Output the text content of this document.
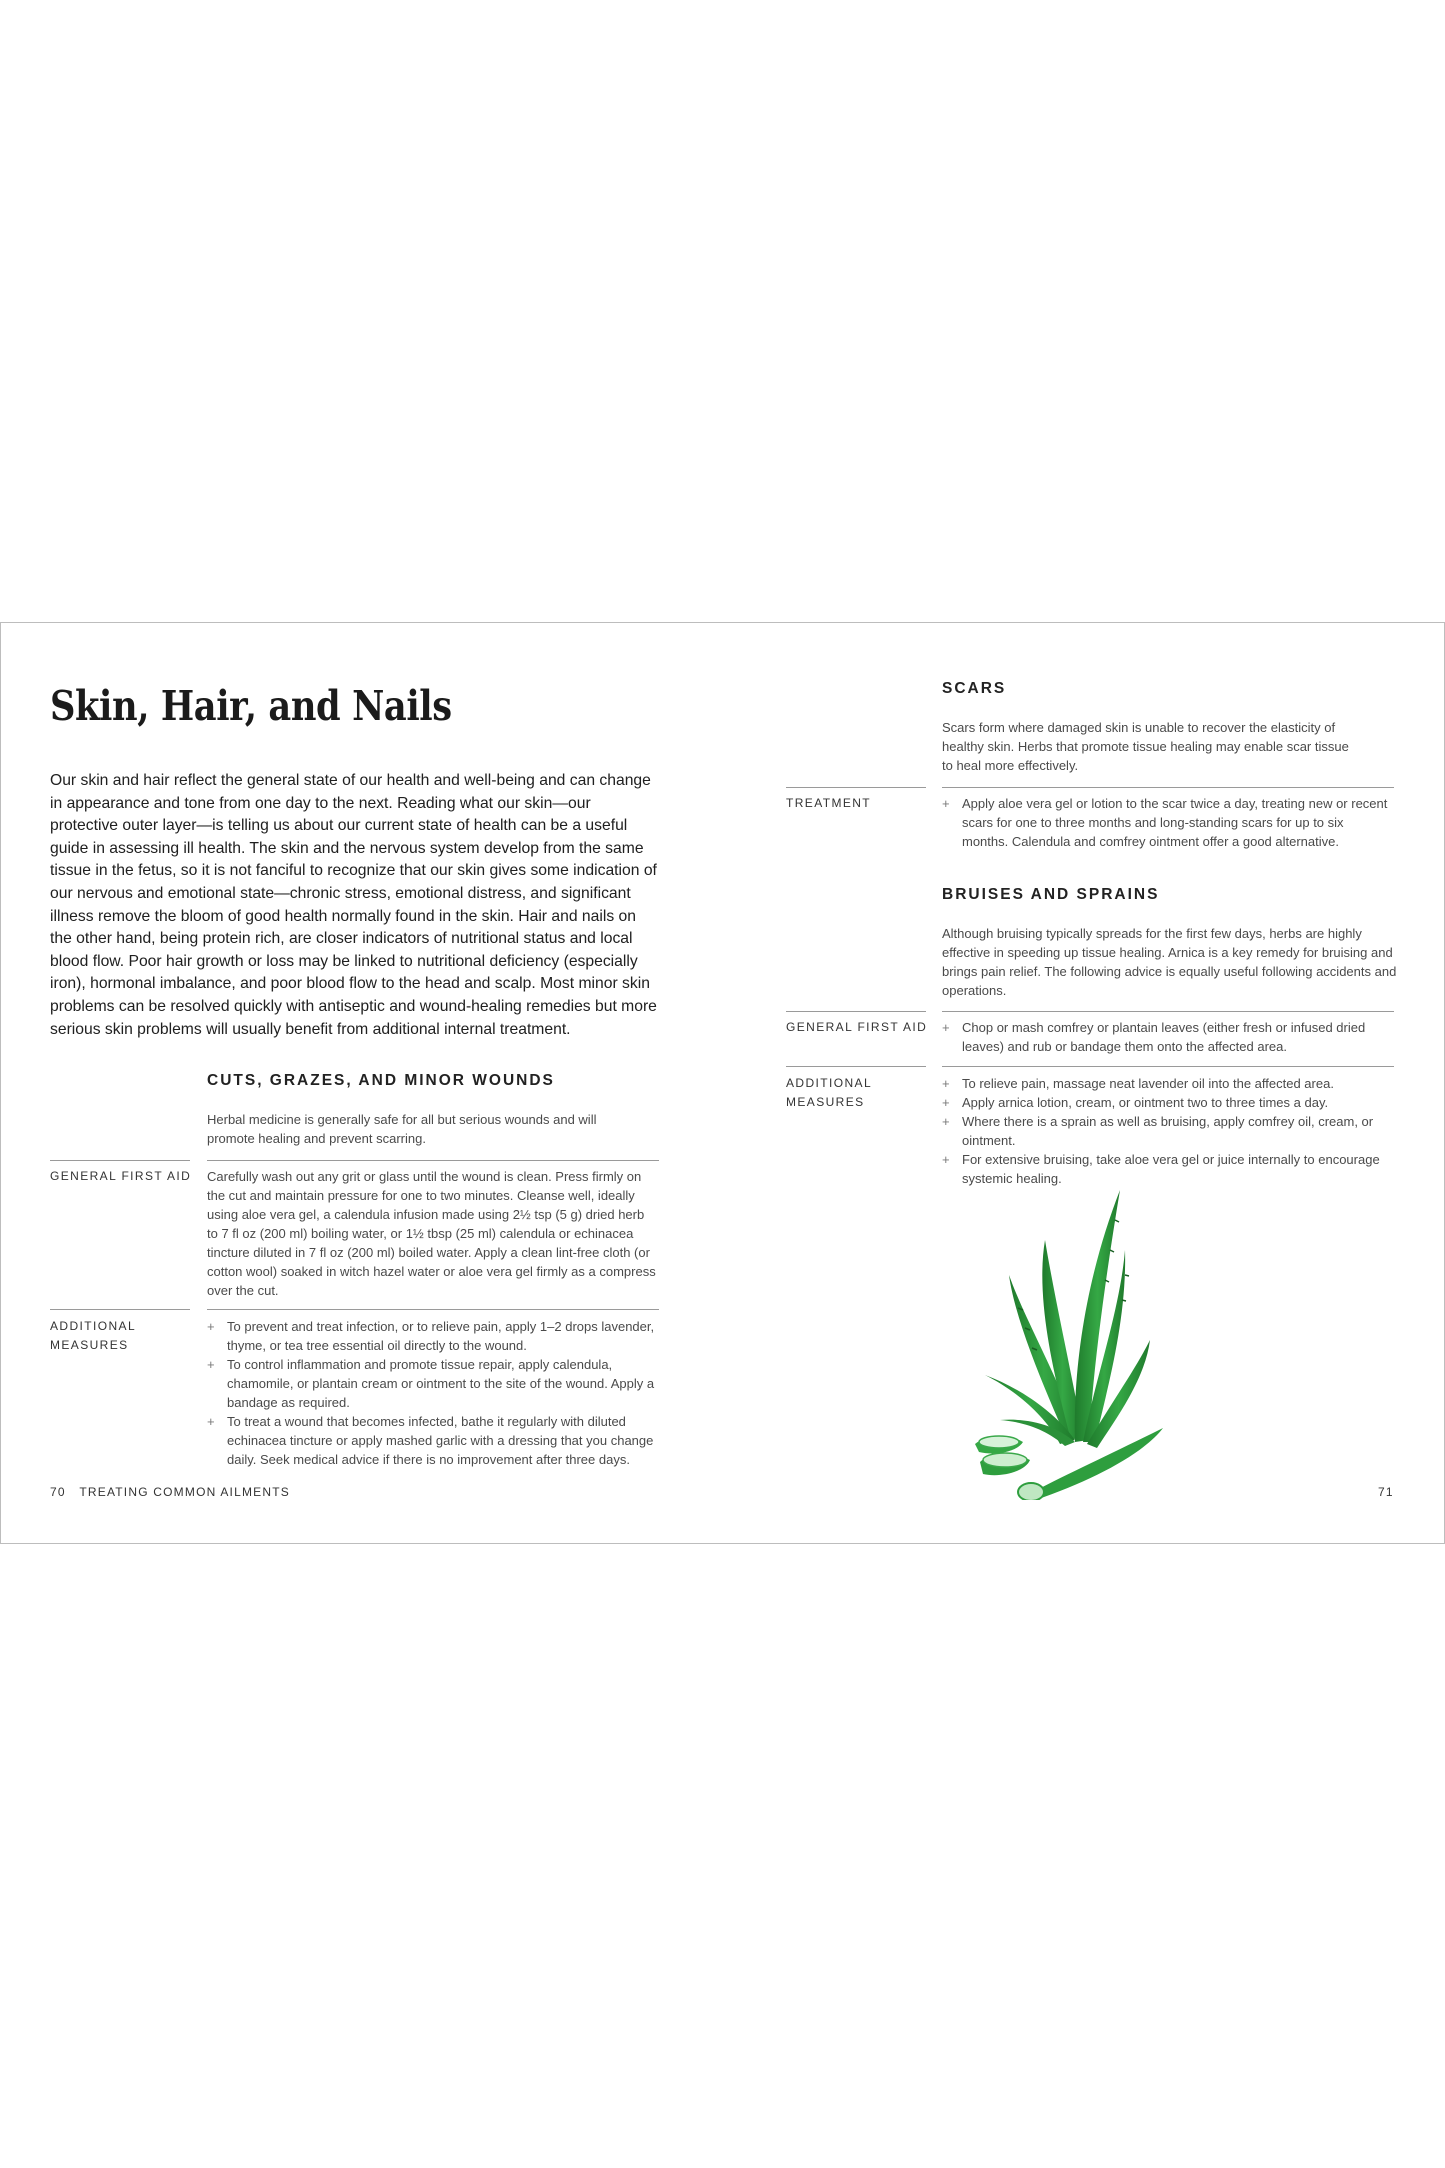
Skin, Hair, and Nails
Our skin and hair reflect the general state of our health and well-being and can change in appearance and tone from one day to the next. Reading what our skin—our protective outer layer—is telling us about our current state of health can be a useful guide in assessing ill health. The skin and the nervous system develop from the same tissue in the fetus, so it is not fanciful to recognize that our skin gives some indication of our nervous and emotional state—chronic stress, emotional distress, and significant illness remove the bloom of good health normally found in the skin. Hair and nails on the other hand, being protein rich, are closer indicators of nutritional status and local blood flow. Poor hair growth or loss may be linked to nutritional deficiency (especially iron), hormonal imbalance, and poor blood flow to the head and scalp. Most minor skin problems can be resolved quickly with antiseptic and wound-healing remedies but more serious skin problems will usually benefit from additional internal treatment.
CUTS, GRAZES, AND MINOR WOUNDS
Herbal medicine is generally safe for all but serious wounds and will promote healing and prevent scarring.
GENERAL FIRST AID Carefully wash out any grit or glass until the wound is clean. Press firmly on the cut and maintain pressure for one to two minutes. Cleanse well, ideally using aloe vera gel, a calendula infusion made using 2½ tsp (5 g) dried herb to 7 fl oz (200 ml) boiling water, or 1½ tbsp (25 ml) calendula or echinacea tincture diluted in 7 fl oz (200 ml) boiled water. Apply a clean lint-free cloth (or cotton wool) soaked in witch hazel water or aloe vera gel firmly as a compress over the cut.
ADDITIONAL
MEASURES
+ To prevent and treat infection, or to relieve pain, apply 1–2 drops lavender, thyme, or tea tree essential oil directly to the wound.
+ To control inflammation and promote tissue repair, apply calendula, chamomile, or plantain cream or ointment to the site of the wound. Apply a bandage as required.
+ To treat a wound that becomes infected, bathe it regularly with diluted echinacea tincture or apply mashed garlic with a dressing that you change daily. Seek medical advice if there is no improvement after three days.
70 TREATING COMMON AILMENTS
SCARS
Scars form where damaged skin is unable to recover the elasticity of healthy skin. Herbs that promote tissue healing may enable scar tissue to heal more effectively.
TREATMENT	+ Apply aloe vera gel or lotion to the scar twice a day, treating new or recent scars for one to three months and long-standing scars for up to six months. Calendula and comfrey ointment offer a good alternative.
BRUISES AND SPRAINS
Although bruising typically spreads for the first few days, herbs are highly effective in speeding up tissue healing. Arnica is a key remedy for bruising and brings pain relief. The following advice is equally useful following accidents and operations.
GENERAL FIRST AID + Chop or mash comfrey or plantain leaves (either fresh or infused dried leaves) and rub or bandage them onto the affected area.
ADDITIONAL
MEASURES
+ To relieve pain, massage neat lavender oil into the affected area.
+ Apply arnica lotion, cream, or ointment two to three times a day.
+ Where there is a sprain as well as bruising, apply comfrey oil, cream, or ointment.
+ For extensive bruising, take aloe vera gel or juice internally to encourage systemic healing.
71
